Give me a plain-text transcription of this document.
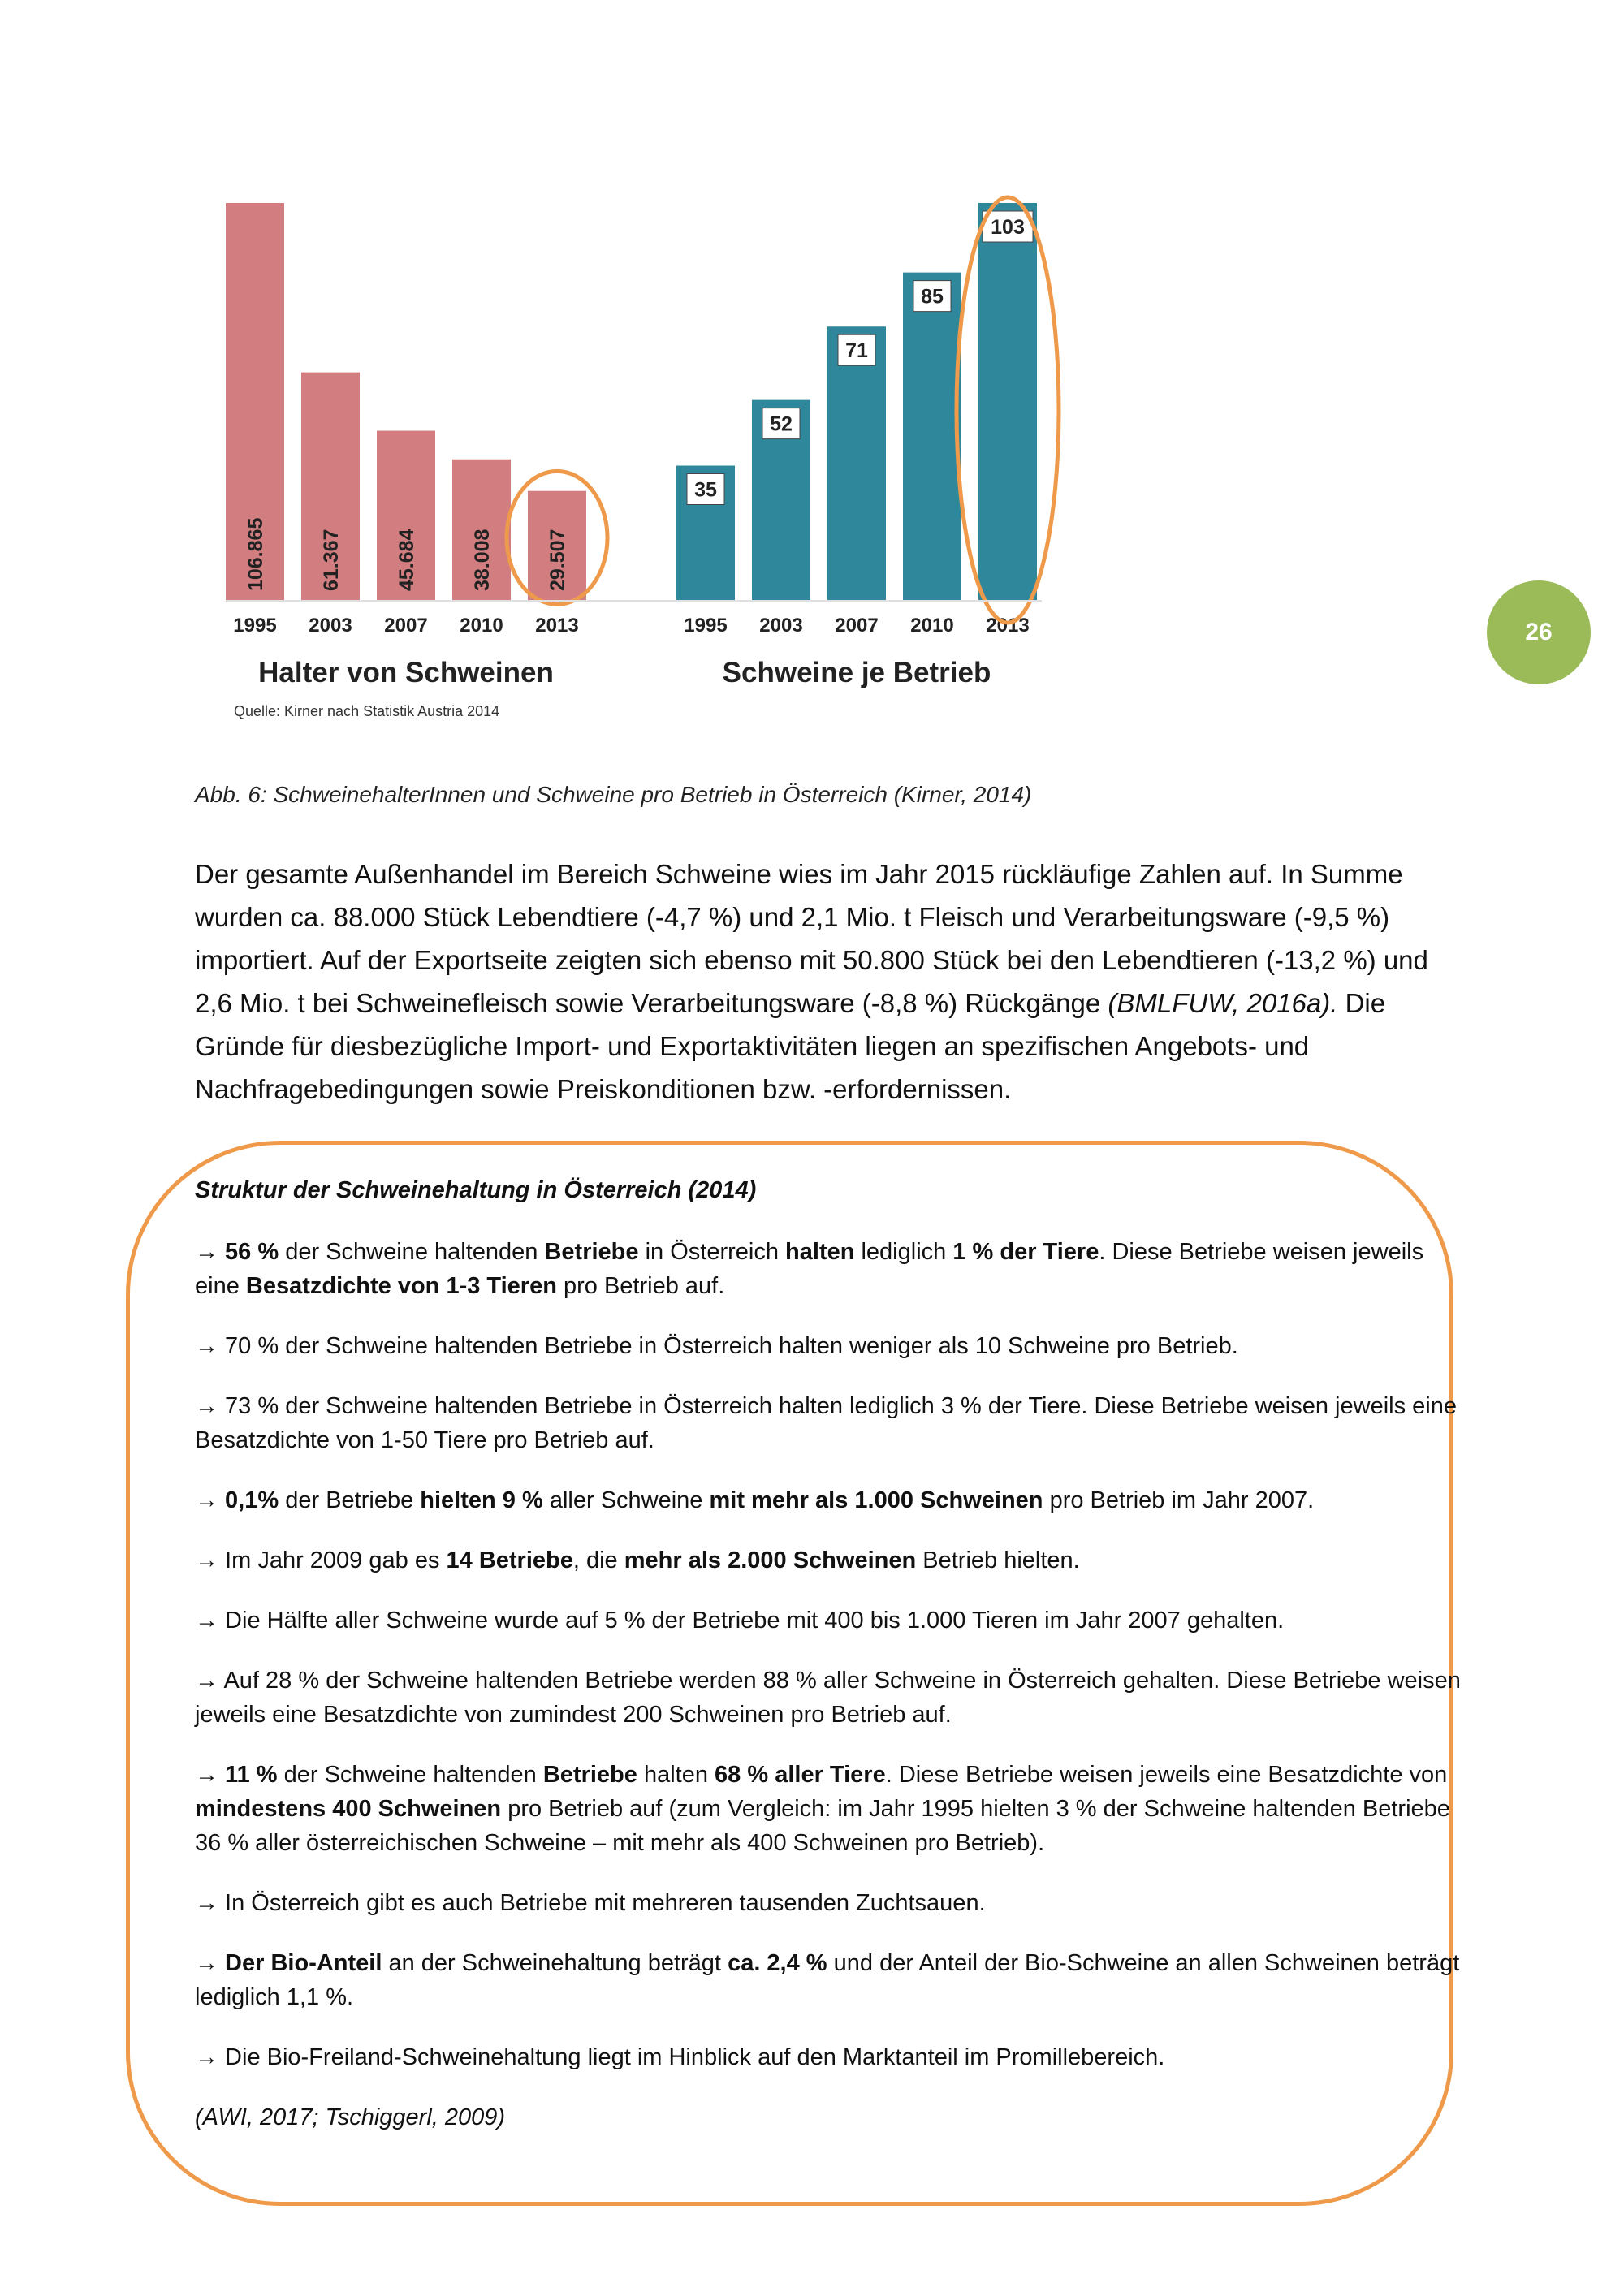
26
106.865
1995
61.367
2003
45.684
2007
38.008
2010
29.507
2013
Halter von Schweinen
35
1995
52
2003
71
2007
85
2010
103
2013
Schweine je Betrieb
Quelle: Kirner nach Statistik Austria 2014
Abb. 6: SchweinehalterInnen und Schweine pro Betrieb in Österreich (Kirner, 2014)

Der gesamte Außenhandel im Bereich Schweine wies im Jahr 2015 rückläufige Zahlen auf. In Summe wurden ca. 88.000 Stück Lebendtiere (-4,7 %) und 2,1 Mio. t Fleisch und Verarbeitungsware (-9,5 %) importiert. Auf der Exportseite zeigten sich ebenso mit 50.800 Stück bei den Lebendtieren (-13,2 %) und 2,6 Mio. t bei Schweinefleisch sowie Verarbeitungsware (-8,8 %) Rückgänge (BMLFUW, 2016a). Die Gründe für diesbezügliche Import- und Exportaktivitäten liegen an spezifischen Angebots- und Nachfragebedingungen sowie Preiskonditionen bzw. -erfordernissen.

Struktur der Schweinehaltung in Österreich (2014)

→ 56 % der Schweine haltenden Betriebe in Österreich halten lediglich 1 % der Tiere. Diese Betriebe weisen jeweils eine Besatzdichte von 1-3 Tieren pro Betrieb auf.

→ 70 % der Schweine haltenden Betriebe in Österreich halten weniger als 10 Schweine pro Betrieb.

→ 73 % der Schweine haltenden Betriebe in Österreich halten lediglich 3 % der Tiere. Diese Betriebe weisen jeweils eine Besatzdichte von 1-50 Tiere pro Betrieb auf.

→ 0,1% der Betriebe hielten 9 % aller Schweine mit mehr als 1.000 Schweinen pro Betrieb im Jahr 2007.

→ Im Jahr 2009 gab es 14 Betriebe, die mehr als 2.000 Schweinen Betrieb hielten.

→ Die Hälfte aller Schweine wurde auf 5 % der Betriebe mit 400 bis 1.000 Tieren im Jahr 2007 gehalten.

→ Auf 28 % der Schweine haltenden Betriebe werden 88 % aller Schweine in Österreich gehalten. Diese Betriebe weisen jeweils eine Besatzdichte von zumindest 200 Schweinen pro Betrieb auf.

→ 11 % der Schweine haltenden Betriebe halten 68 % aller Tiere. Diese Betriebe weisen jeweils eine Besatzdichte von mindestens 400 Schweinen pro Betrieb auf (zum Vergleich: im Jahr 1995 hielten 3 % der Schweine haltenden Betriebe 36 % aller österreichischen Schweine – mit mehr als 400 Schweinen pro Betrieb).

→ In Österreich gibt es auch Betriebe mit mehreren tausenden Zuchtsauen.

→ Der Bio-Anteil an der Schweinehaltung beträgt ca. 2,4 % und der Anteil der Bio-Schweine an allen Schweinen beträgt lediglich 1,1 %.

→ Die Bio-Freiland-Schweinehaltung liegt im Hinblick auf den Marktanteil im Promillebereich.

(AWI, 2017; Tschiggerl, 2009)
